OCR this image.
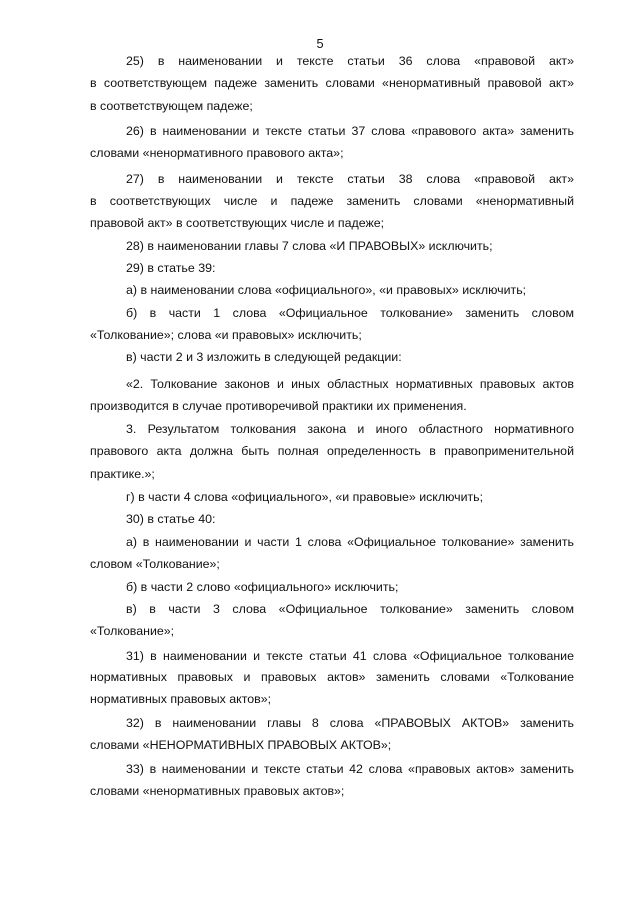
5

25) в наименовании и тексте статьи 36 слова «правовой акт»

в соответствующем падеже заменить словами «ненормативный правовой акт»

в соответствующем падеже;

26) в наименовании и тексте статьи 37 слова «правового акта» заменить

словами «ненормативного правового акта»;

27) в наименовании и тексте статьи 38 слова «правовой акт»

в соответствующих числе и падеже заменить словами «ненормативный

правовой акт» в соответствующих числе и падеже;

28) в наименовании главы 7 слова «И ПРАВОВЫХ» исключить;

29) в статье 39:

а) в наименовании слова «официального», «и правовых» исключить;

б) в части 1 слова «Официальное толкование» заменить словом

«Толкование»; слова «и правовых» исключить;

в) части 2 и 3 изложить в следующей редакции:

«2. Толкование законов и иных областных нормативных правовых актов

производится в случае противоречивой практики их применения.

3. Результатом толкования закона и иного областного нормативного

правового акта должна быть полная определенность в правоприменительной

практике.»;

г) в части 4 слова «официального», «и правовые» исключить;

30) в статье 40:

а) в наименовании и части 1 слова «Официальное толкование» заменить

словом «Толкование»;

б) в части 2 слово «официального» исключить;

в) в части 3 слова «Официальное толкование» заменить словом

«Толкование»;

31) в наименовании и тексте статьи 41 слова «Официальное толкование

нормативных правовых и правовых актов» заменить словами «Толкование

нормативных правовых актов»;

32) в наименовании главы 8 слова «ПРАВОВЫХ АКТОВ» заменить

словами «НЕНОРМАТИВНЫХ ПРАВОВЫХ АКТОВ»;

33) в наименовании и тексте статьи 42 слова «правовых актов» заменить

словами «ненормативных правовых актов»;
